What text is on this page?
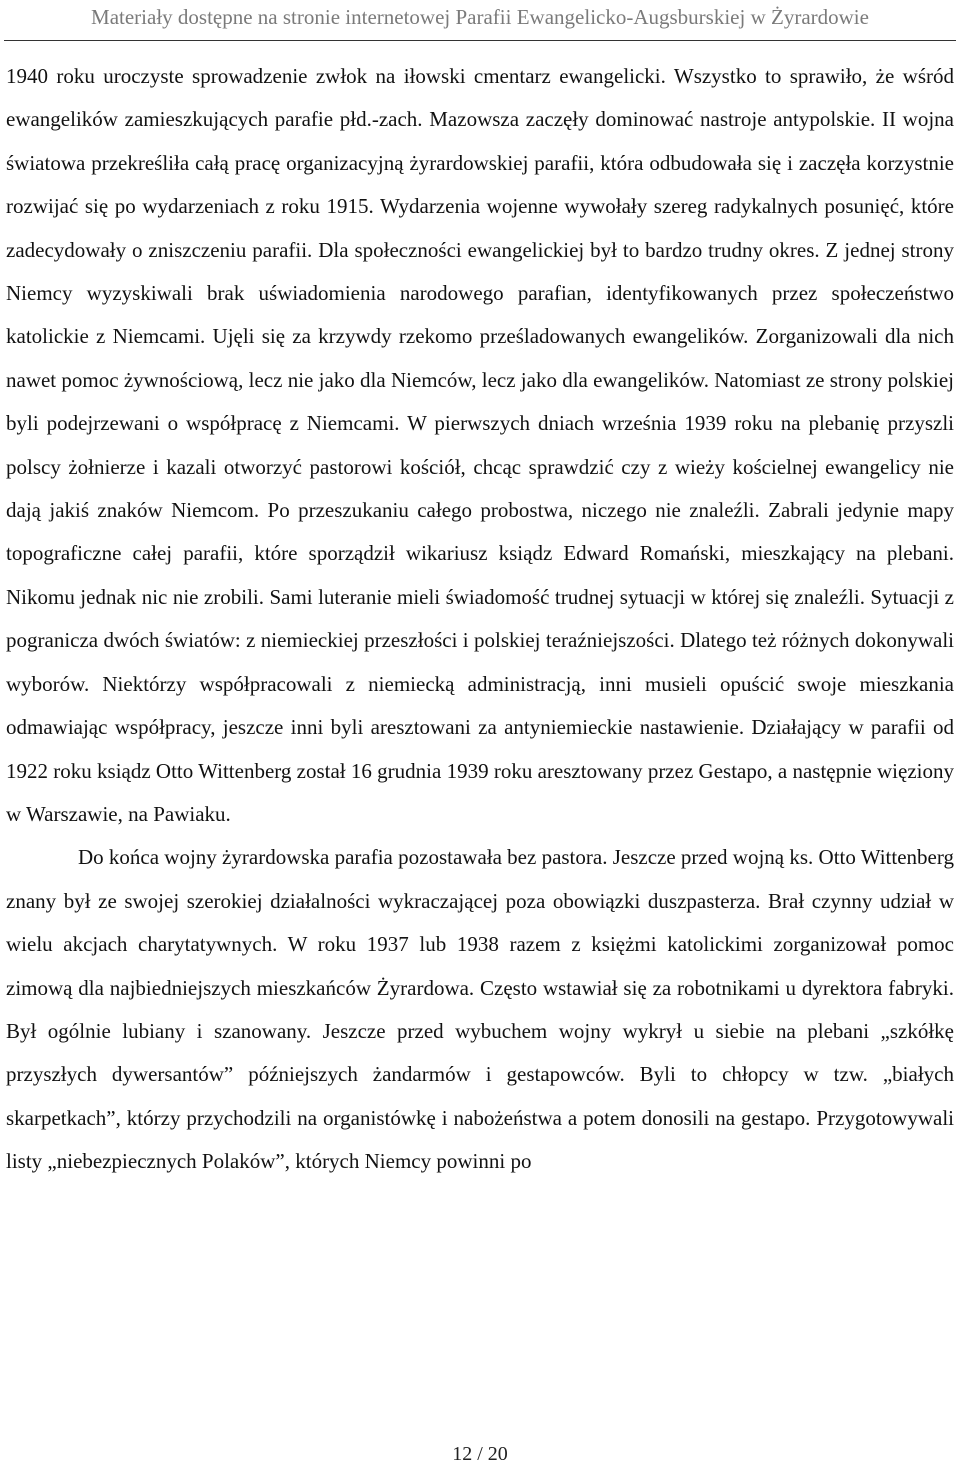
Materiały dostępne na stronie internetowej Parafii Ewangelicko-Augsburskiej w Żyrardowie

1940 roku uroczyste sprowadzenie zwłok na iłowski cmentarz ewangelicki. Wszystko to sprawiło, że wśród ewangelików zamieszkujących parafie płd.-zach. Mazowsza zaczęły dominować nastroje antypolskie. II wojna światowa przekreśliła całą pracę organizacyjną żyrardowskiej parafii, która odbudowała się i zaczęła korzystnie rozwijać się po wydarzeniach z roku 1915. Wydarzenia wojenne wywołały szereg radykalnych posunięć, które zadecydowały o zniszczeniu parafii. Dla społeczności ewangelickiej był to bardzo trudny okres. Z jednej strony Niemcy wyzyskiwali brak uświadomienia narodowego parafian, identyfikowanych przez społeczeństwo katolickie z Niemcami. Ujęli się za krzywdy rzekomo prześladowanych ewangelików. Zorganizowali dla nich nawet pomoc żywnościową, lecz nie jako dla Niemców, lecz jako dla ewangelików. Natomiast ze strony polskiej byli podejrzewani o współpracę z Niemcami. W pierwszych dniach września 1939 roku na plebanię przyszli polscy żołnierze i kazali otworzyć pastorowi kościół, chcąc sprawdzić czy z wieży kościelnej ewangelicy nie dają jakiś znaków Niemcom. Po przeszukaniu całego probostwa, niczego nie znaleźli. Zabrali jedynie mapy topograficzne całej parafii, które sporządził wikariusz ksiądz Edward Romański, mieszkający na plebani. Nikomu jednak nic nie zrobili. Sami luteranie mieli świadomość trudnej sytuacji w której się znaleźli. Sytuacji z pogranicza dwóch światów: z niemieckiej przeszłości i polskiej teraźniejszości. Dlatego też różnych dokonywali wyborów. Niektórzy współpracowali z niemiecką administracją, inni musieli opuścić swoje mieszkania odmawiając współpracy, jeszcze inni byli aresztowani za antyniemieckie nastawienie. Działający w parafii od 1922 roku ksiądz Otto Wittenberg został 16 grudnia 1939 roku aresztowany przez Gestapo, a następnie więziony w Warszawie, na Pawiaku.

Do końca wojny żyrardowska parafia pozostawała bez pastora. Jeszcze przed wojną ks. Otto Wittenberg znany był ze swojej szerokiej działalności wykraczającej poza obowiązki duszpasterza. Brał czynny udział w wielu akcjach charytatywnych. W roku 1937 lub 1938 razem z księżmi katolickimi zorganizował pomoc zimową dla najbiedniejszych mieszkańców Żyrardowa. Często wstawiał się za robotnikami u dyrektora fabryki. Był ogólnie lubiany i szanowany. Jeszcze przed wybuchem wojny wykrył u siebie na plebani „szkółkę przyszłych dywersantów” późniejszych żandarmów i gestapowców. Byli to chłopcy w tzw. „białych skarpetkach”, którzy przychodzili na organistówkę i nabożeństwa a potem donosili na gestapo. Przygotowywali listy „niebezpiecznych Polaków”, których Niemcy powinni po

12 / 20
